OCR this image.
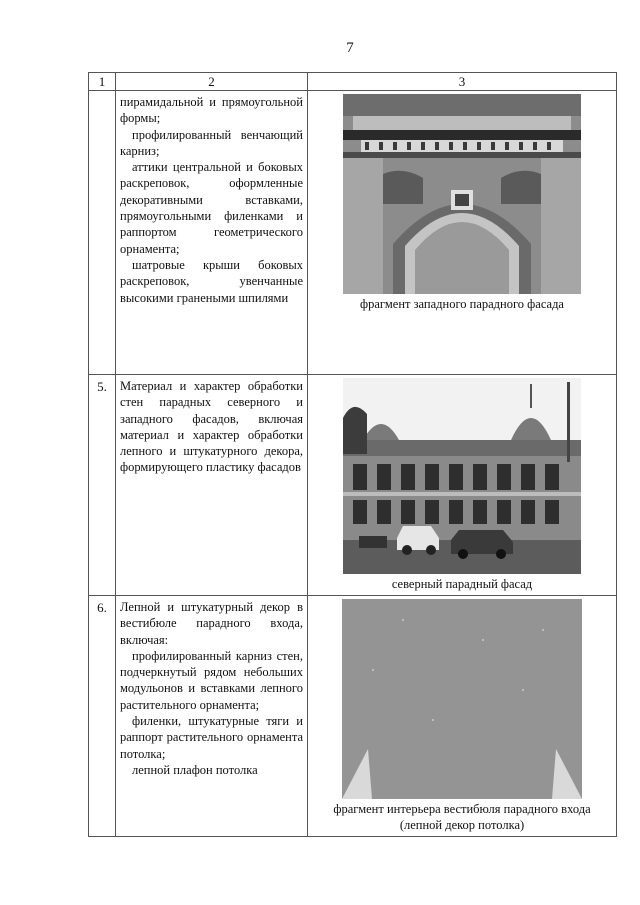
7
1	2	3

	пирамидальной и прямоугольной формы;

профилированный венчающий карниз;

аттики центральной и боковых раскреповок, оформленные декоративными вставками, прямоугольными филенками и раппортом геометрического орнамента;

шатровые крыши боковых раскреповок, увенчанные высокими гранеными шпилями	фрагмент западного парадного фасада

5.	Материал и характер обработки стен парадных северного и западного фасадов, включая материал и характер обработки лепного и штукатурного декора, формирующего пластику фасадов	северный парадный фасад

6.	Лепной и штукатурный декор в вестибюле парадного входа, включая:

профилированный карниз стен, подчеркнутый рядом небольших модульонов и вставками лепного растительного орнамента;

филенки, штукатурные тяги и раппорт растительного орнамента потолка;

лепной плафон потолка	фрагмент интерьера вестибюля парадного входа (лепной декор потолка)
